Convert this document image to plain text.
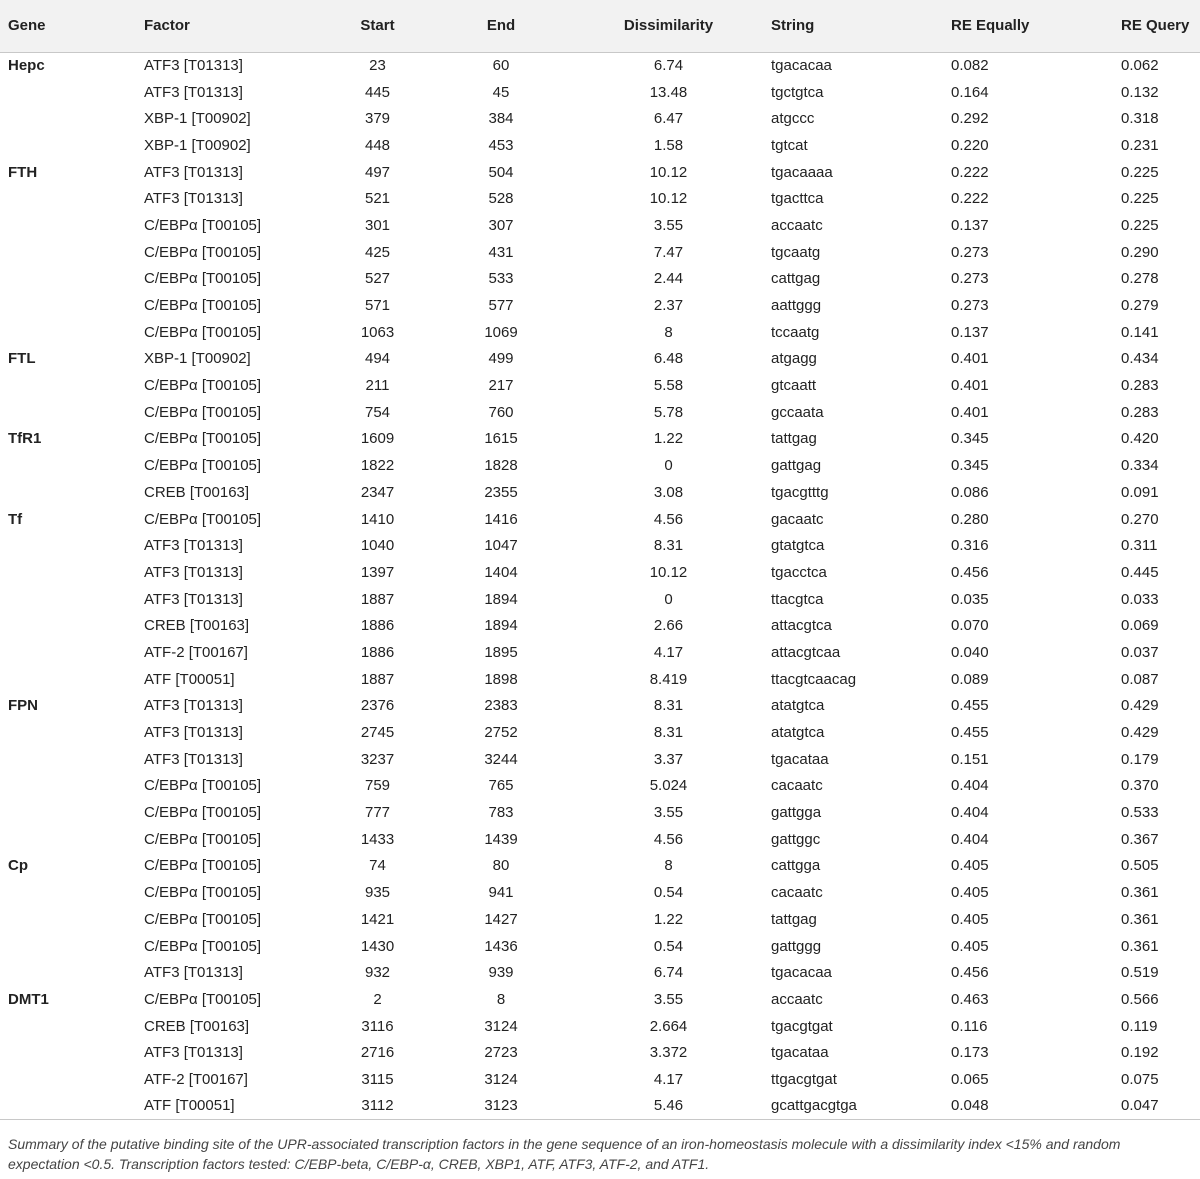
Gene	Factor	Start	End	Dissimilarity	String	RE Equally	RE Query
Hepc	ATF3 [T01313]	23	60	6.74	tgacacaa	0.082	0.062
	ATF3 [T01313]	445	45	13.48	tgctgtca	0.164	0.132
	XBP-1 [T00902]	379	384	6.47	atgccc	0.292	0.318
	XBP-1 [T00902]	448	453	1.58	tgtcat	0.220	0.231
FTH	ATF3 [T01313]	497	504	10.12	tgacaaaa	0.222	0.225
	ATF3 [T01313]	521	528	10.12	tgacttca	0.222	0.225
	C/EBPα [T00105]	301	307	3.55	accaatc	0.137	0.225
	C/EBPα [T00105]	425	431	7.47	tgcaatg	0.273	0.290
	C/EBPα [T00105]	527	533	2.44	cattgag	0.273	0.278
	C/EBPα [T00105]	571	577	2.37	aattggg	0.273	0.279
	C/EBPα [T00105]	1063	1069	8	tccaatg	0.137	0.141
FTL	XBP-1 [T00902]	494	499	6.48	atgagg	0.401	0.434
	C/EBPα [T00105]	211	217	5.58	gtcaatt	0.401	0.283
	C/EBPα [T00105]	754	760	5.78	gccaata	0.401	0.283
TfR1	C/EBPα [T00105]	1609	1615	1.22	tattgag	0.345	0.420
	C/EBPα [T00105]	1822	1828	0	gattgag	0.345	0.334
	CREB [T00163]	2347	2355	3.08	tgacgtttg	0.086	0.091
Tf	C/EBPα [T00105]	1410	1416	4.56	gacaatc	0.280	0.270
	ATF3 [T01313]	1040	1047	8.31	gtatgtca	0.316	0.311
	ATF3 [T01313]	1397	1404	10.12	tgacctca	0.456	0.445
	ATF3 [T01313]	1887	1894	0	ttacgtca	0.035	0.033
	CREB [T00163]	1886	1894	2.66	attacgtca	0.070	0.069
	ATF-2 [T00167]	1886	1895	4.17	attacgtcaa	0.040	0.037
	ATF [T00051]	1887	1898	8.419	ttacgtcaacag	0.089	0.087
FPN	ATF3 [T01313]	2376	2383	8.31	atatgtca	0.455	0.429
	ATF3 [T01313]	2745	2752	8.31	atatgtca	0.455	0.429
	ATF3 [T01313]	3237	3244	3.37	tgacataa	0.151	0.179
	C/EBPα [T00105]	759	765	5.024	cacaatc	0.404	0.370
	C/EBPα [T00105]	777	783	3.55	gattgga	0.404	0.533
	C/EBPα [T00105]	1433	1439	4.56	gattggc	0.404	0.367
Cp	C/EBPα [T00105]	74	80	8	cattgga	0.405	0.505
	C/EBPα [T00105]	935	941	0.54	cacaatc	0.405	0.361
	C/EBPα [T00105]	1421	1427	1.22	tattgag	0.405	0.361
	C/EBPα [T00105]	1430	1436	0.54	gattggg	0.405	0.361
	ATF3 [T01313]	932	939	6.74	tgacacaa	0.456	0.519
DMT1	C/EBPα [T00105]	2	8	3.55	accaatc	0.463	0.566
	CREB [T00163]	3116	3124	2.664	tgacgtgat	0.116	0.119
	ATF3 [T01313]	2716	2723	3.372	tgacataa	0.173	0.192
	ATF-2 [T00167]	3115	3124	4.17	ttgacgtgat	0.065	0.075
	ATF [T00051]	3112	3123	5.46	gcattgacgtga	0.048	0.047
Summary of the putative binding site of the UPR-associated transcription factors in the gene sequence of an iron-homeostasis molecule with a dissimilarity index <15% and random expectation <0.5. Transcription factors tested: C/EBP-beta, C/EBP-α, CREB, XBP1, ATF, ATF3, ATF-2, and ATF1.
